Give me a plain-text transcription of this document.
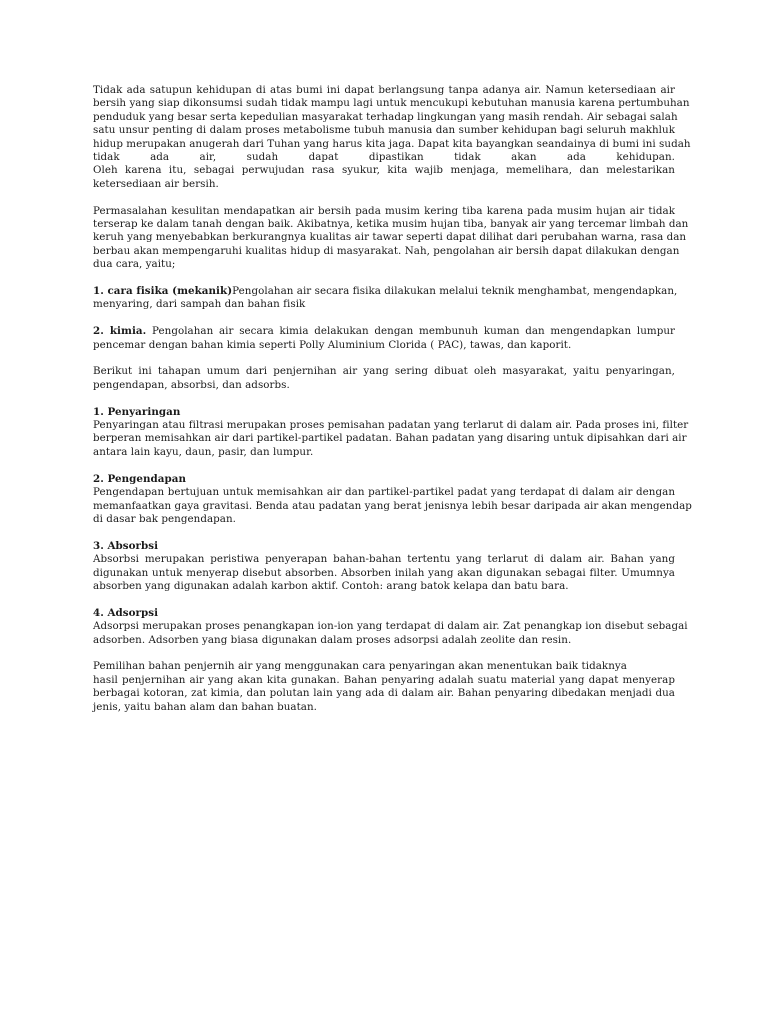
Tidak ada satupun kehidupan di atas bumi ini dapat berlangsung tanpa adanya air. Namun ketersediaan air
bersih yang siap dikonsumsi sudah tidak mampu lagi untuk mencukupi kebutuhan manusia karena pertumbuhan
penduduk yang besar serta kepedulian masyarakat terhadap lingkungan yang masih rendah. Air sebagai salah
satu unsur penting di dalam proses metabolisme tubuh manusia dan sumber kehidupan bagi seluruh makhluk
hidup merupakan anugerah dari Tuhan yang harus kita jaga. Dapat kita bayangkan seandainya di bumi ini sudah
tidak ada air, sudah dapat dipastikan tidak akan ada kehidupan.
Oleh karena itu, sebagai perwujudan rasa syukur, kita wajib menjaga, memelihara, dan melestarikan
ketersediaan air bersih.
Permasalahan kesulitan mendapatkan air bersih pada musim kering tiba karena pada musim hujan air tidak
terserap ke dalam tanah dengan baik. Akibatnya, ketika musim hujan tiba, banyak air yang tercemar limbah dan
keruh yang menyebabkan berkurangnya kualitas air tawar seperti dapat dilihat dari perubahan warna, rasa dan
berbau akan mempengaruhi kualitas hidup di masyarakat. Nah, pengolahan air bersih dapat dilakukan dengan
dua cara, yaitu;
1. cara fisika (mekanik)Pengolahan air secara fisika dilakukan melalui teknik menghambat, mengendapkan,
menyaring, dari sampah dan bahan fisik
2. kimia. Pengolahan air secara kimia delakukan dengan membunuh kuman dan mengendapkan lumpur
pencemar dengan bahan kimia seperti Polly Aluminium Clorida ( PAC), tawas, dan kaporit.
Berikut ini tahapan umum dari penjernihan air yang sering dibuat oleh masyarakat, yaitu penyaringan,
pengendapan, absorbsi, dan adsorbs.
1. Penyaringan
Penyaringan atau filtrasi merupakan proses pemisahan padatan yang terlarut di dalam air. Pada proses ini, filter
berperan memisahkan air dari partikel-partikel padatan. Bahan padatan yang disaring untuk dipisahkan dari air
antara lain kayu, daun, pasir, dan lumpur.
2. Pengendapan
Pengendapan bertujuan untuk memisahkan air dan partikel-partikel padat yang terdapat di dalam air dengan
memanfaatkan gaya gravitasi. Benda atau padatan yang berat jenisnya lebih besar daripada air akan mengendap
di dasar bak pengendapan.
3. Absorbsi
Absorbsi merupakan peristiwa penyerapan bahan-bahan tertentu yang terlarut di dalam air. Bahan yang
digunakan untuk menyerap disebut absorben. Absorben inilah yang akan digunakan sebagai filter. Umumnya
absorben yang digunakan adalah karbon aktif. Contoh: arang batok kelapa dan batu bara.
4. Adsorpsi
Adsorpsi merupakan proses penangkapan ion-ion yang terdapat di dalam air. Zat penangkap ion disebut sebagai
adsorben. Adsorben yang biasa digunakan dalam proses adsorpsi adalah zeolite dan resin.
Pemilihan bahan penjernih air yang menggunakan cara penyaringan akan menentukan baik tidaknya
hasil penjernihan air yang akan kita gunakan. Bahan penyaring adalah suatu material yang dapat menyerap
berbagai kotoran, zat kimia, dan polutan lain yang ada di dalam air. Bahan penyaring dibedakan menjadi dua
jenis, yaitu bahan alam dan bahan buatan.
